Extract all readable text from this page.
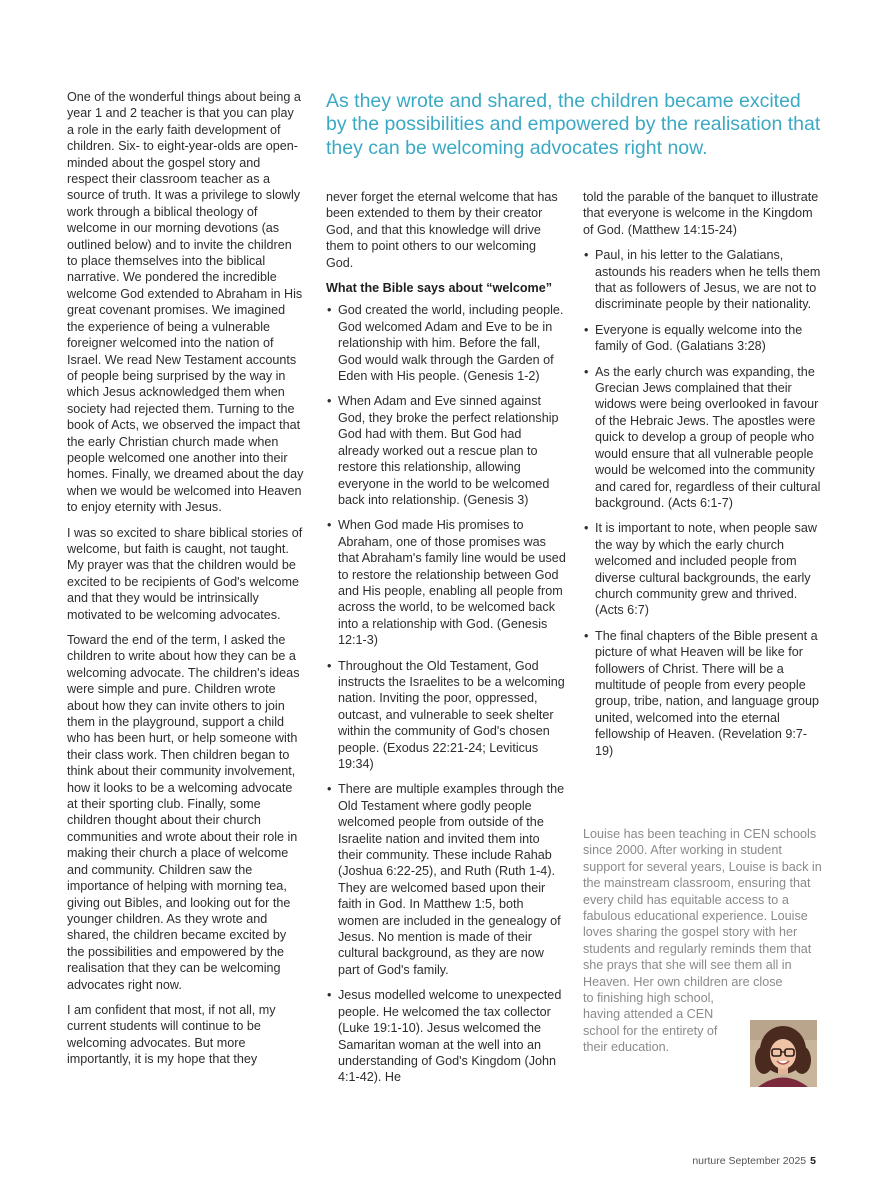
One of the wonderful things about being a year 1 and 2 teacher is that you can play a role in the early faith development of children. Six- to eight-year-olds are open-minded about the gospel story and respect their classroom teacher as a source of truth. It was a privilege to slowly work through a biblical theology of welcome in our morning devotions (as outlined below) and to invite the children to place themselves into the biblical narrative. We pondered the incredible welcome God extended to Abraham in His great covenant promises. We imagined the experience of being a vulnerable foreigner welcomed into the nation of Israel. We read New Testament accounts of people being surprised by the way in which Jesus acknowledged them when society had rejected them. Turning to the book of Acts, we observed the impact that the early Christian church made when people welcomed one another into their homes. Finally, we dreamed about the day when we would be welcomed into Heaven to enjoy eternity with Jesus.

I was so excited to share biblical stories of welcome, but faith is caught, not taught. My prayer was that the children would be excited to be recipients of God's welcome and that they would be intrinsically motivated to be welcoming advocates.

Toward the end of the term, I asked the children to write about how they can be a welcoming advocate. The children's ideas were simple and pure. Children wrote about how they can invite others to join them in the playground, support a child who has been hurt, or help someone with their class work. Then children began to think about their community involvement, how it looks to be a welcoming advocate at their sporting club. Finally, some children thought about their church communities and wrote about their role in making their church a place of welcome and community. Children saw the importance of helping with morning tea, giving out Bibles, and looking out for the younger children. As they wrote and shared, the children became excited by the possibilities and empowered by the realisation that they can be welcoming advocates right now.

I am confident that most, if not all, my current students will continue to be welcoming advocates. But more importantly, it is my hope that they

As they wrote and shared, the children became excited by the possibilities and empowered by the realisation that they can be welcoming advocates right now.

never forget the eternal welcome that has been extended to them by their creator God, and that this knowledge will drive them to point others to our welcoming God.

What the Bible says about “welcome”

• God created the world, including people. God welcomed Adam and Eve to be in relationship with him. Before the fall, God would walk through the Garden of Eden with His people. (Genesis 1-2)
• When Adam and Eve sinned against God, they broke the perfect relationship God had with them. But God had already worked out a rescue plan to restore this relationship, allowing everyone in the world to be welcomed back into relationship. (Genesis 3)
• When God made His promises to Abraham, one of those promises was that Abraham's family line would be used to restore the relationship between God and His people, enabling all people from across the world, to be welcomed back into a relationship with God. (Genesis 12:1-3)
• Throughout the Old Testament, God instructs the Israelites to be a welcoming nation. Inviting the poor, oppressed, outcast, and vulnerable to seek shelter within the community of God's chosen people. (Exodus 22:21-24; Leviticus 19:34)
• There are multiple examples through the Old Testament where godly people welcomed people from outside of the Israelite nation and invited them into their community. These include Rahab (Joshua 6:22-25), and Ruth (Ruth 1-4). They are welcomed based upon their faith in God. In Matthew 1:5, both women are included in the genealogy of Jesus. No mention is made of their cultural background, as they are now part of God's family.
• Jesus modelled welcome to unexpected people. He welcomed the tax collector (Luke 19:1-10). Jesus welcomed the Samaritan woman at the well into an understanding of God's Kingdom (John 4:1-42). He

told the parable of the banquet to illustrate that everyone is welcome in the Kingdom of God. (Matthew 14:15-24)

• Paul, in his letter to the Galatians, astounds his readers when he tells them that as followers of Jesus, we are not to discriminate people by their nationality.
• Everyone is equally welcome into the family of God. (Galatians 3:28)
• As the early church was expanding, the Grecian Jews complained that their widows were being overlooked in favour of the Hebraic Jews. The apostles were quick to develop a group of people who would ensure that all vulnerable people would be welcomed into the community and cared for, regardless of their cultural background. (Acts 6:1-7)
• It is important to note, when people saw the way by which the early church welcomed and included people from diverse cultural backgrounds, the early church community grew and thrived. (Acts 6:7)
• The final chapters of the Bible present a picture of what Heaven will be like for followers of Christ. There will be a multitude of people from every people group, tribe, nation, and language group united, welcomed into the eternal fellowship of Heaven. (Revelation 9:7-19)

Louise has been teaching in CEN schools since 2000. After working in student support for several years, Louise is back in the mainstream classroom, ensuring that every child has equitable access to a fabulous educational experience. Louise loves sharing the gospel story with her students and regularly reminds them that she prays that she will see them all in Heaven. Her own children are close

to finishing high school, having attended a CEN school for the entirety of their education.

nurture September 2025 5
